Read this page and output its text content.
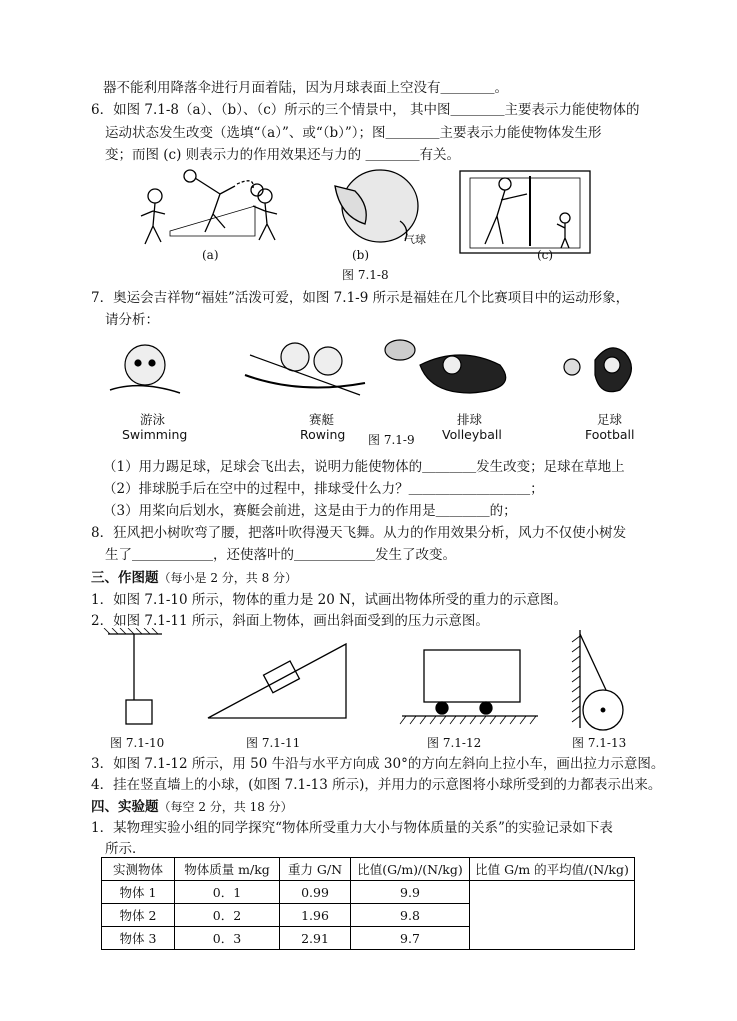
器不能利用降落伞进行月面着陆，因为月球表面上空没有＿＿＿＿。
6．如图 7.1-8（a）、（b）、（c）所示的三个情景中， 其中图＿＿＿＿主要表示力能使物体的
运动状态发生改变（选填“（a）”、或“（b）”）；图＿＿＿＿主要表示力能使物体发生形
变；而图 (c) 则表示力的作用效果还与力的 ＿＿＿＿有关。
(a)	(b)	(c)
气球
图 7.1-8
7．奥运会吉祥物“福娃”活泼可爱，如图 7.1-9 所示是福娃在几个比赛项目中的运动形象，
请分析：
游泳
Swimming
赛艇
Rowing
排球
Volleyball
足球
Football
图 7.1-9
（1）用力踢足球，足球会飞出去，说明力能使物体的＿＿＿＿发生改变；足球在草地上
（2）排球脱手后在空中的过程中，排球受什么力？＿＿＿＿＿＿＿＿＿；
（3）用桨向后划水，赛艇会前进，这是由于力的作用是＿＿＿＿的；
8．狂风把小树吹弯了腰，把落叶吹得漫天飞舞。从力的作用效果分析，风力不仅使小树发
生了＿＿＿＿＿＿，还使落叶的＿＿＿＿＿＿发生了改变。
三、作图题（每小是 2 分，共 8 分）
1．如图 7.1-10 所示，物体的重力是 20 N，试画出物体所受的重力的示意图。
2．如图 7.1-11 所示，斜面上物体，画出斜面受到的压力示意图。
图 7.1-10	图 7.1-11	图 7.1-12	图 7.1-13
3．如图 7.1-12 所示，用 50 牛沿与水平方向成 30°的方向左斜向上拉小车，画出拉力示意图。
4．挂在竖直墙上的小球，(如图 7.1-13 所示)，并用力的示意图将小球所受到的力都表示出来。
四、实验题（每空 2 分，共 18 分）
1．某物理实验小组的同学探究“物体所受重力大小与物体质量的关系”的实验记录如下表
所示．
实测物体	物体质量 m/kg	重力 G/N	比值(G/m)/(N/kg)	比值 G/m 的平均值/(N/kg)
物体 1	0．1	0.99	9.9	
物体 2	0．2	1.96	9.8	
物体 3	0．3	2.91	9.7	
